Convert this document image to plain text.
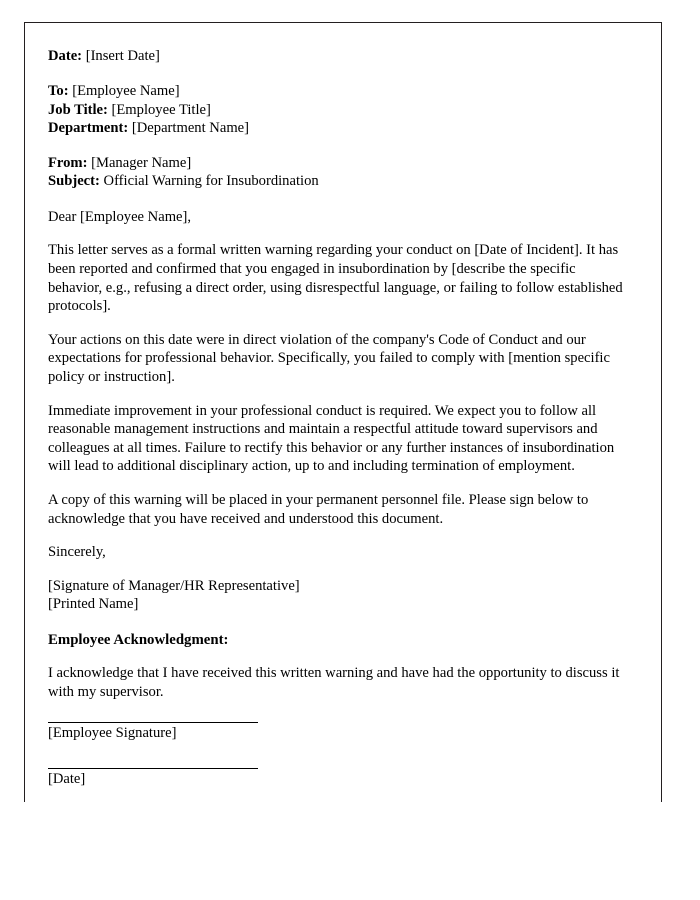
Date: [Insert Date]
To: [Employee Name]
Job Title: [Employee Title]
Department: [Department Name]
From: [Manager Name]
Subject: Official Warning for Insubordination
Dear [Employee Name],
This letter serves as a formal written warning regarding your conduct on [Date of Incident]. It has been reported and confirmed that you engaged in insubordination by [describe the specific behavior, e.g., refusing a direct order, using disrespectful language, or failing to follow established protocols].
Your actions on this date were in direct violation of the company's Code of Conduct and our expectations for professional behavior. Specifically, you failed to comply with [mention specific policy or instruction].
Immediate improvement in your professional conduct is required. We expect you to follow all reasonable management instructions and maintain a respectful attitude toward supervisors and colleagues at all times. Failure to rectify this behavior or any further instances of insubordination will lead to additional disciplinary action, up to and including termination of employment.
A copy of this warning will be placed in your permanent personnel file. Please sign below to acknowledge that you have received and understood this document.
Sincerely,
[Signature of Manager/HR Representative]
[Printed Name]
Employee Acknowledgment:
I acknowledge that I have received this written warning and have had the opportunity to discuss it with my supervisor.
[Employee Signature]
[Date]
